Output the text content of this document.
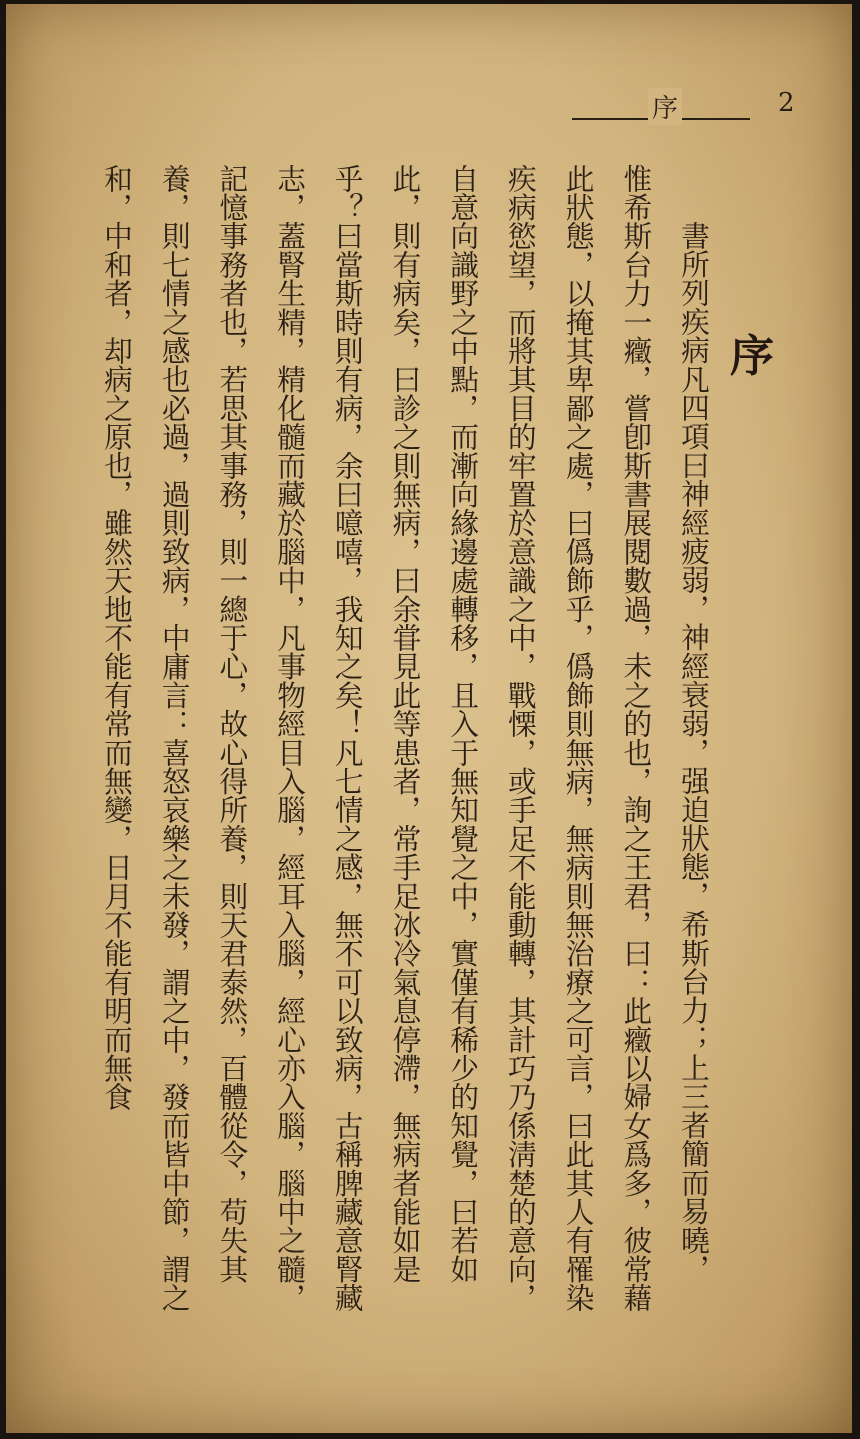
序	2
序

書所列疾病凡四項曰神經疲弱，神經衰弱，强迫狀態，希斯台力；上三者簡而易曉，

惟希斯台力一癥，嘗卽斯書展閱數過，未之的也，詢之王君，曰：此癥以婦女爲多，彼常藉此狀態，以掩其卑鄙之處，曰僞飾乎，僞飾則無病，無病則無治療之可言，曰此其人有罹染疾病慾望，而將其目的牢置於意識之中，戰慄，或手足不能動轉，其計巧乃係淸楚的意向，自意向識野之中點，而漸向緣邊處轉移，且入于無知覺之中，實僅有稀少的知覺，曰若如此，則有病矣，曰診之則無病，曰余甞見此等患者，常手足冰冷氣息停滯，無病者能如是乎？曰當斯時則有病，余曰噫嘻，我知之矣！凡七情之感，無不可以致病，古稱脾藏意腎藏志，蓋腎生精，精化髓而藏於腦中，凡事物經目入腦，經耳入腦，經心亦入腦，腦中之髓，記憶事務者也，若思其事務，則一總于心，故心得所養，則天君泰然，百體從令，苟失其養，則七情之感也必過，過則致病，中庸言：喜怒哀樂之未發，謂之中，發而皆中節，謂之和，中和者，却病之原也，雖然天地不能有常而無變，日月不能有明而無食
